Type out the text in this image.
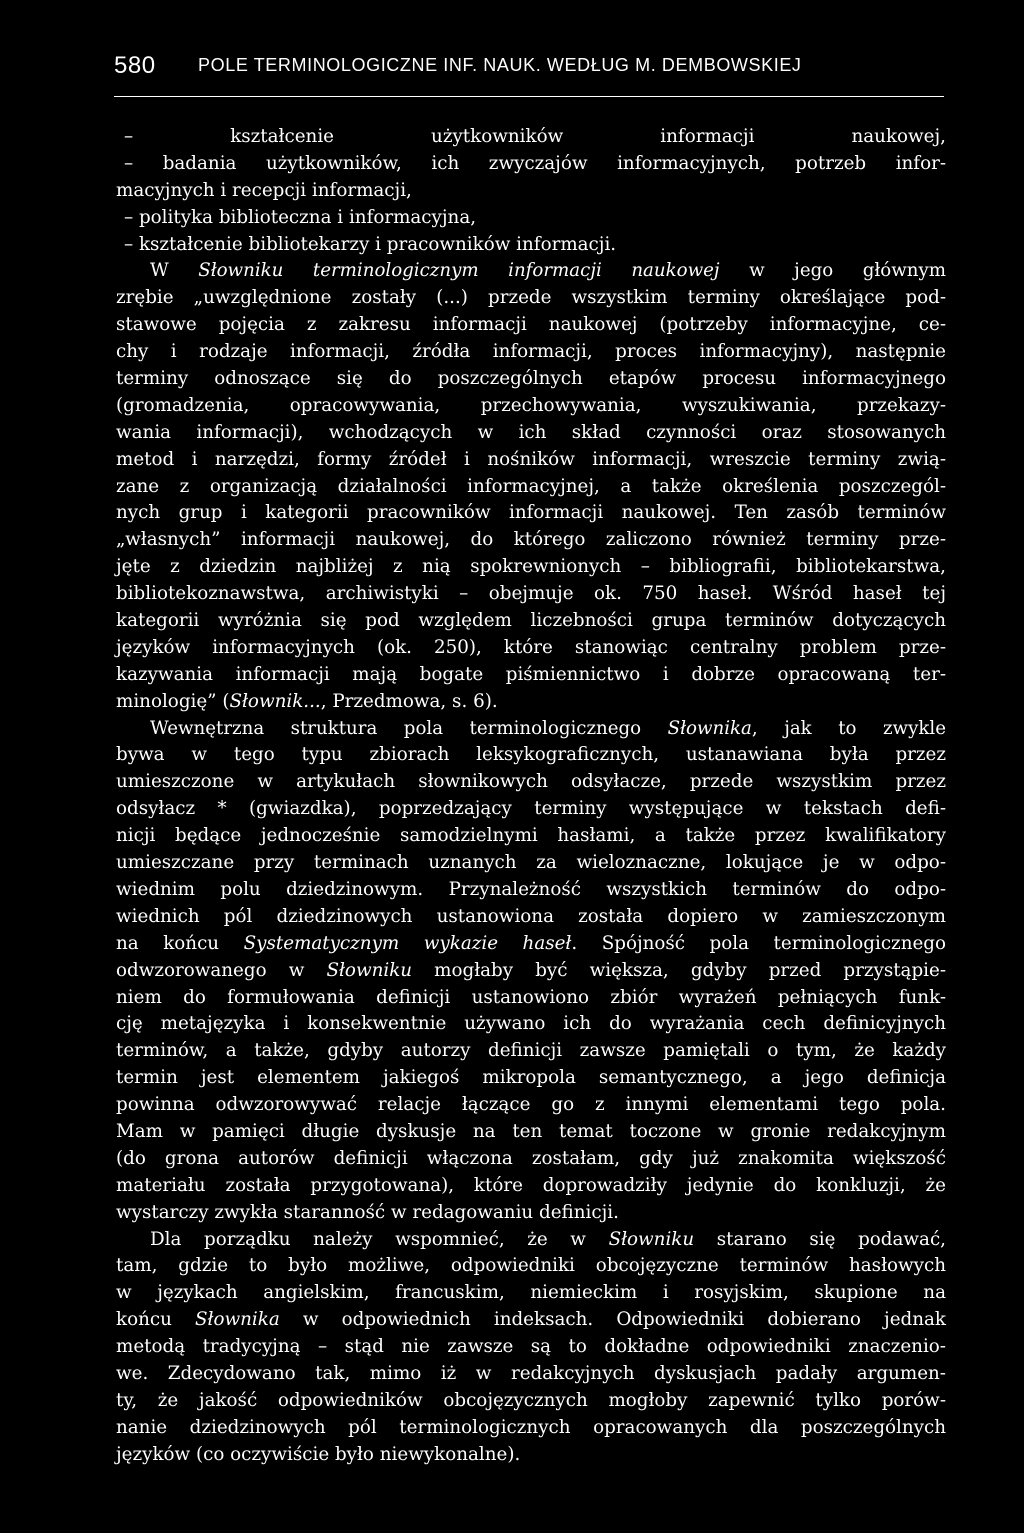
580 POLE TERMINOLOGICZNE INF. NAUK. WEDŁUG M. DEMBOWSKIEJ
– kształcenie użytkowników informacji naukowej,
– badania użytkowników, ich zwyczajów informacyjnych, potrzeb infor-
macyjnych i recepcji informacji,
– polityka biblioteczna i informacyjna,
– kształcenie bibliotekarzy i pracowników informacji.
W Słowniku terminologicznym informacji naukowej w jego głównym
zrębie „uwzględnione zostały (...) przede wszystkim terminy określające pod-
stawowe pojęcia z zakresu informacji naukowej (potrzeby informacyjne, ce-
chy i rodzaje informacji, źródła informacji, proces informacyjny), następnie
terminy odnoszące się do poszczególnych etapów procesu informacyjnego
(gromadzenia, opracowywania, przechowywania, wyszukiwania, przekazy-
wania informacji), wchodzących w ich skład czynności oraz stosowanych
metod i narzędzi, formy źródeł i nośników informacji, wreszcie terminy zwią-
zane z organizacją działalności informacyjnej, a także określenia poszczegól-
nych grup i kategorii pracowników informacji naukowej. Ten zasób terminów
„własnych” informacji naukowej, do którego zaliczono również terminy prze-
jęte z dziedzin najbliżej z nią spokrewnionych – bibliografii, bibliotekarstwa,
bibliotekoznawstwa, archiwistyki – obejmuje ok. 750 haseł. Wśród haseł tej
kategorii wyróżnia się pod względem liczebności grupa terminów dotyczących
języków informacyjnych (ok. 250), które stanowiąc centralny problem prze-
kazywania informacji mają bogate piśmiennictwo i dobrze opracowaną ter-
minologię” (Słownik..., Przedmowa, s. 6).
Wewnętrzna struktura pola terminologicznego Słownika, jak to zwykle
bywa w tego typu zbiorach leksykograficznych, ustanawiana była przez
umieszczone w artykułach słownikowych odsyłacze, przede wszystkim przez
odsyłacz * (gwiazdka), poprzedzający terminy występujące w tekstach defi-
nicji będące jednocześnie samodzielnymi hasłami, a także przez kwalifikatory
umieszczane przy terminach uznanych za wieloznaczne, lokujące je w odpo-
wiednim polu dziedzinowym. Przynależność wszystkich terminów do odpo-
wiednich pól dziedzinowych ustanowiona została dopiero w zamieszczonym
na końcu Systematycznym wykazie haseł. Spójność pola terminologicznego
odwzorowanego w Słowniku mogłaby być większa, gdyby przed przystąpie-
niem do formułowania definicji ustanowiono zbiór wyrażeń pełniących funk-
cję metajęzyka i konsekwentnie używano ich do wyrażania cech definicyjnych
terminów, a także, gdyby autorzy definicji zawsze pamiętali o tym, że każdy
termin jest elementem jakiegoś mikropola semantycznego, a jego definicja
powinna odwzorowywać relacje łączące go z innymi elementami tego pola.
Mam w pamięci długie dyskusje na ten temat toczone w gronie redakcyjnym
(do grona autorów definicji włączona zostałam, gdy już znakomita większość
materiału została przygotowana), które doprowadziły jedynie do konkluzji, że
wystarczy zwykła staranność w redagowaniu definicji.
Dla porządku należy wspomnieć, że w Słowniku starano się podawać,
tam, gdzie to było możliwe, odpowiedniki obcojęzyczne terminów hasłowych
w językach angielskim, francuskim, niemieckim i rosyjskim, skupione na
końcu Słownika w odpowiednich indeksach. Odpowiedniki dobierano jednak
metodą tradycyjną – stąd nie zawsze są to dokładne odpowiedniki znaczenio-
we. Zdecydowano tak, mimo iż w redakcyjnych dyskusjach padały argumen-
ty, że jakość odpowiedników obcojęzycznych mogłoby zapewnić tylko porów-
nanie dziedzinowych pól terminologicznych opracowanych dla poszczególnych
języków (co oczywiście było niewykonalne).
